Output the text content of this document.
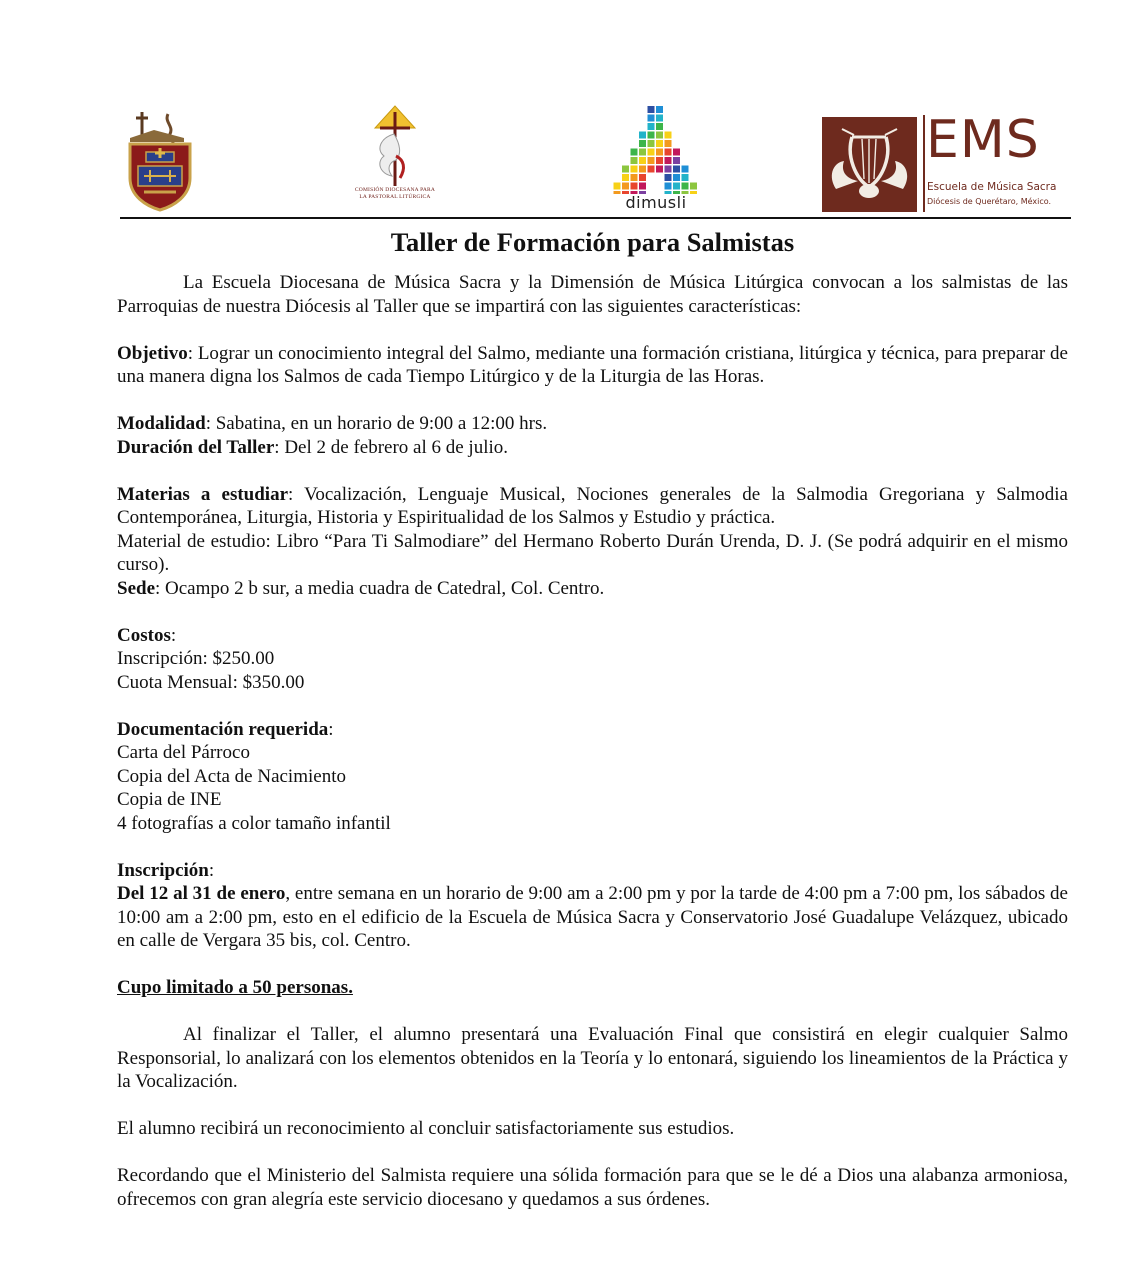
COMISIÓN DIOCESANA PARA
LA PASTORAL LITÚRGICA	dimusli
EMS
Escuela de Música Sacra
Diócesis de Querétaro, México.
Taller de Formación para Salmistas

La Escuela Diocesana de Música Sacra y la Dimensión de Música Litúrgica convocan a los salmistas de las Parroquias de nuestra Diócesis al Taller que se impartirá con las siguientes características:

Objetivo: Lograr un conocimiento integral del Salmo, mediante una formación cristiana, litúrgica y técnica, para preparar de una manera digna los Salmos de cada Tiempo Litúrgico y de la Liturgia de las Horas.

Modalidad: Sabatina, en un horario de 9:00 a 12:00 hrs.

Duración del Taller: Del 2 de febrero al 6 de julio.

Materias a estudiar: Vocalización, Lenguaje Musical, Nociones generales de la Salmodia Gregoriana y Salmodia Contemporánea, Liturgia, Historia y Espiritualidad de los Salmos y Estudio y práctica.

Material de estudio: Libro “Para Ti Salmodiare” del Hermano Roberto Durán Urenda, D. J. (Se podrá adquirir en el mismo curso).

Sede: Ocampo 2 b sur, a media cuadra de Catedral, Col. Centro.

Costos:

Inscripción: $250.00

Cuota Mensual: $350.00

Documentación requerida:

Carta del Párroco

Copia del Acta de Nacimiento

Copia de INE

4 fotografías a color tamaño infantil

Inscripción:

Del 12 al 31 de enero, entre semana en un horario de 9:00 am a 2:00 pm y por la tarde de 4:00 pm a 7:00 pm, los sábados de 10:00 am a 2:00 pm, esto en el edificio de la Escuela de Música Sacra y Conservatorio José Guadalupe Velázquez, ubicado en calle de Vergara 35 bis, col. Centro.

Cupo limitado a 50 personas.

Al finalizar el Taller, el alumno presentará una Evaluación Final que consistirá en elegir cualquier Salmo Responsorial, lo analizará con los elementos obtenidos en la Teoría y lo entonará, siguiendo los lineamientos de la Práctica y la Vocalización.

El alumno recibirá un reconocimiento al concluir satisfactoriamente sus estudios.

Recordando que el Ministerio del Salmista requiere una sólida formación para que se le dé a Dios una alabanza armoniosa, ofrecemos con gran alegría este servicio diocesano y quedamos a sus órdenes.
